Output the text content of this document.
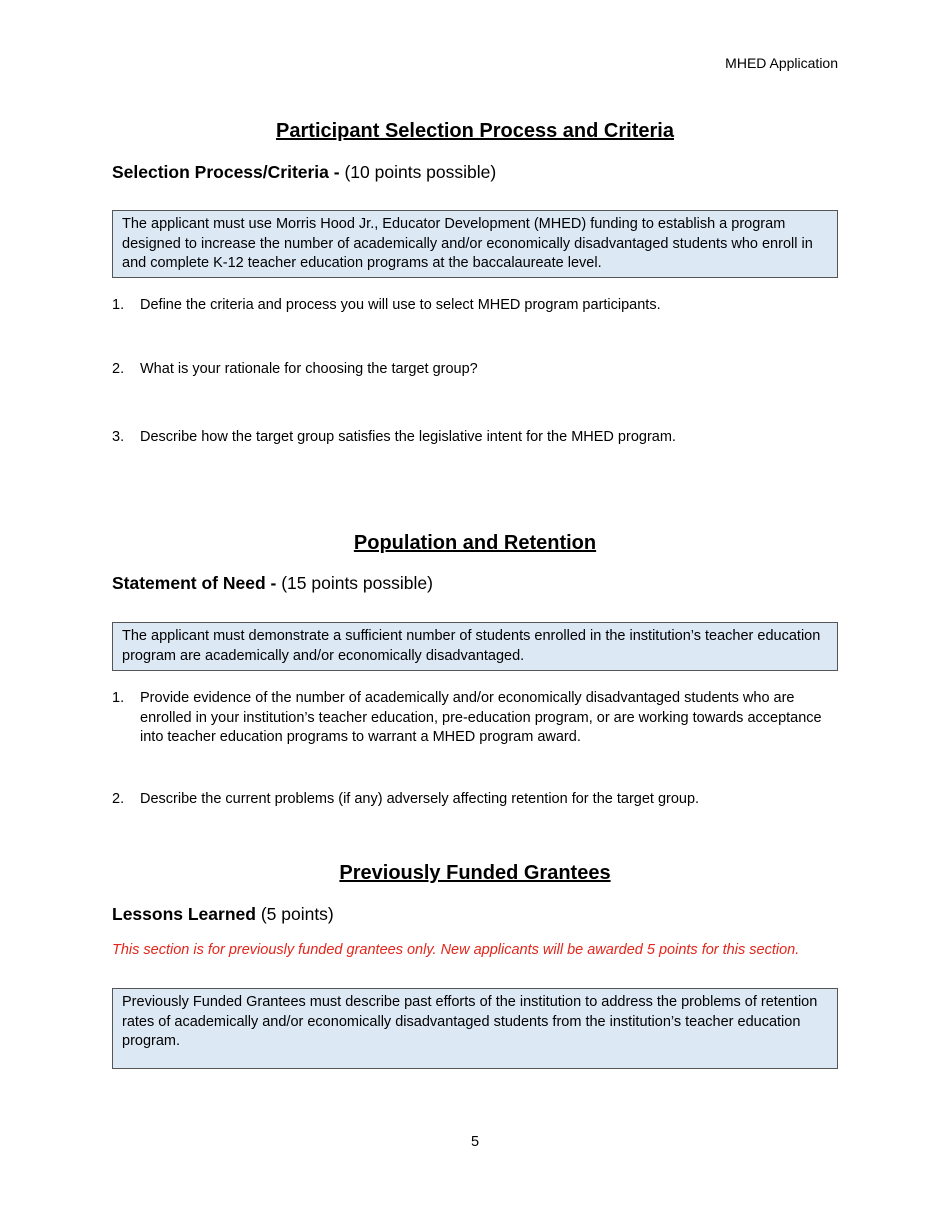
MHED Application
Participant Selection Process and Criteria

Selection Process/Criteria - (10 points possible)

The applicant must use Morris Hood Jr., Educator Development (MHED) funding to establish a program designed to increase the number of academically and/or economically disadvantaged students who enroll in and complete K-12 teacher education programs at the baccalaureate level.
1.	Define the criteria and process you will use to select MHED program participants.
2.	What is your rationale for choosing the target group?
3.	Describe how the target group satisfies the legislative intent for the MHED program.
Population and Retention

Statement of Need - (15 points possible)

The applicant must demonstrate a sufficient number of students enrolled in the institution’s teacher education program are academically and/or economically disadvantaged.
1.	Provide evidence of the number of academically and/or economically disadvantaged students who are enrolled in your institution’s teacher education, pre-education program, or are working towards acceptance into teacher education programs to warrant a MHED program award.
2.	Describe the current problems (if any) adversely affecting retention for the target group.
Previously Funded Grantees

Lessons Learned (5 points)

This section is for previously funded grantees only. New applicants will be awarded 5 points for this section.
Previously Funded Grantees must describe past efforts of the institution to address the problems of retention rates of academically and/or economically disadvantaged students from the institution’s teacher education program.
5
